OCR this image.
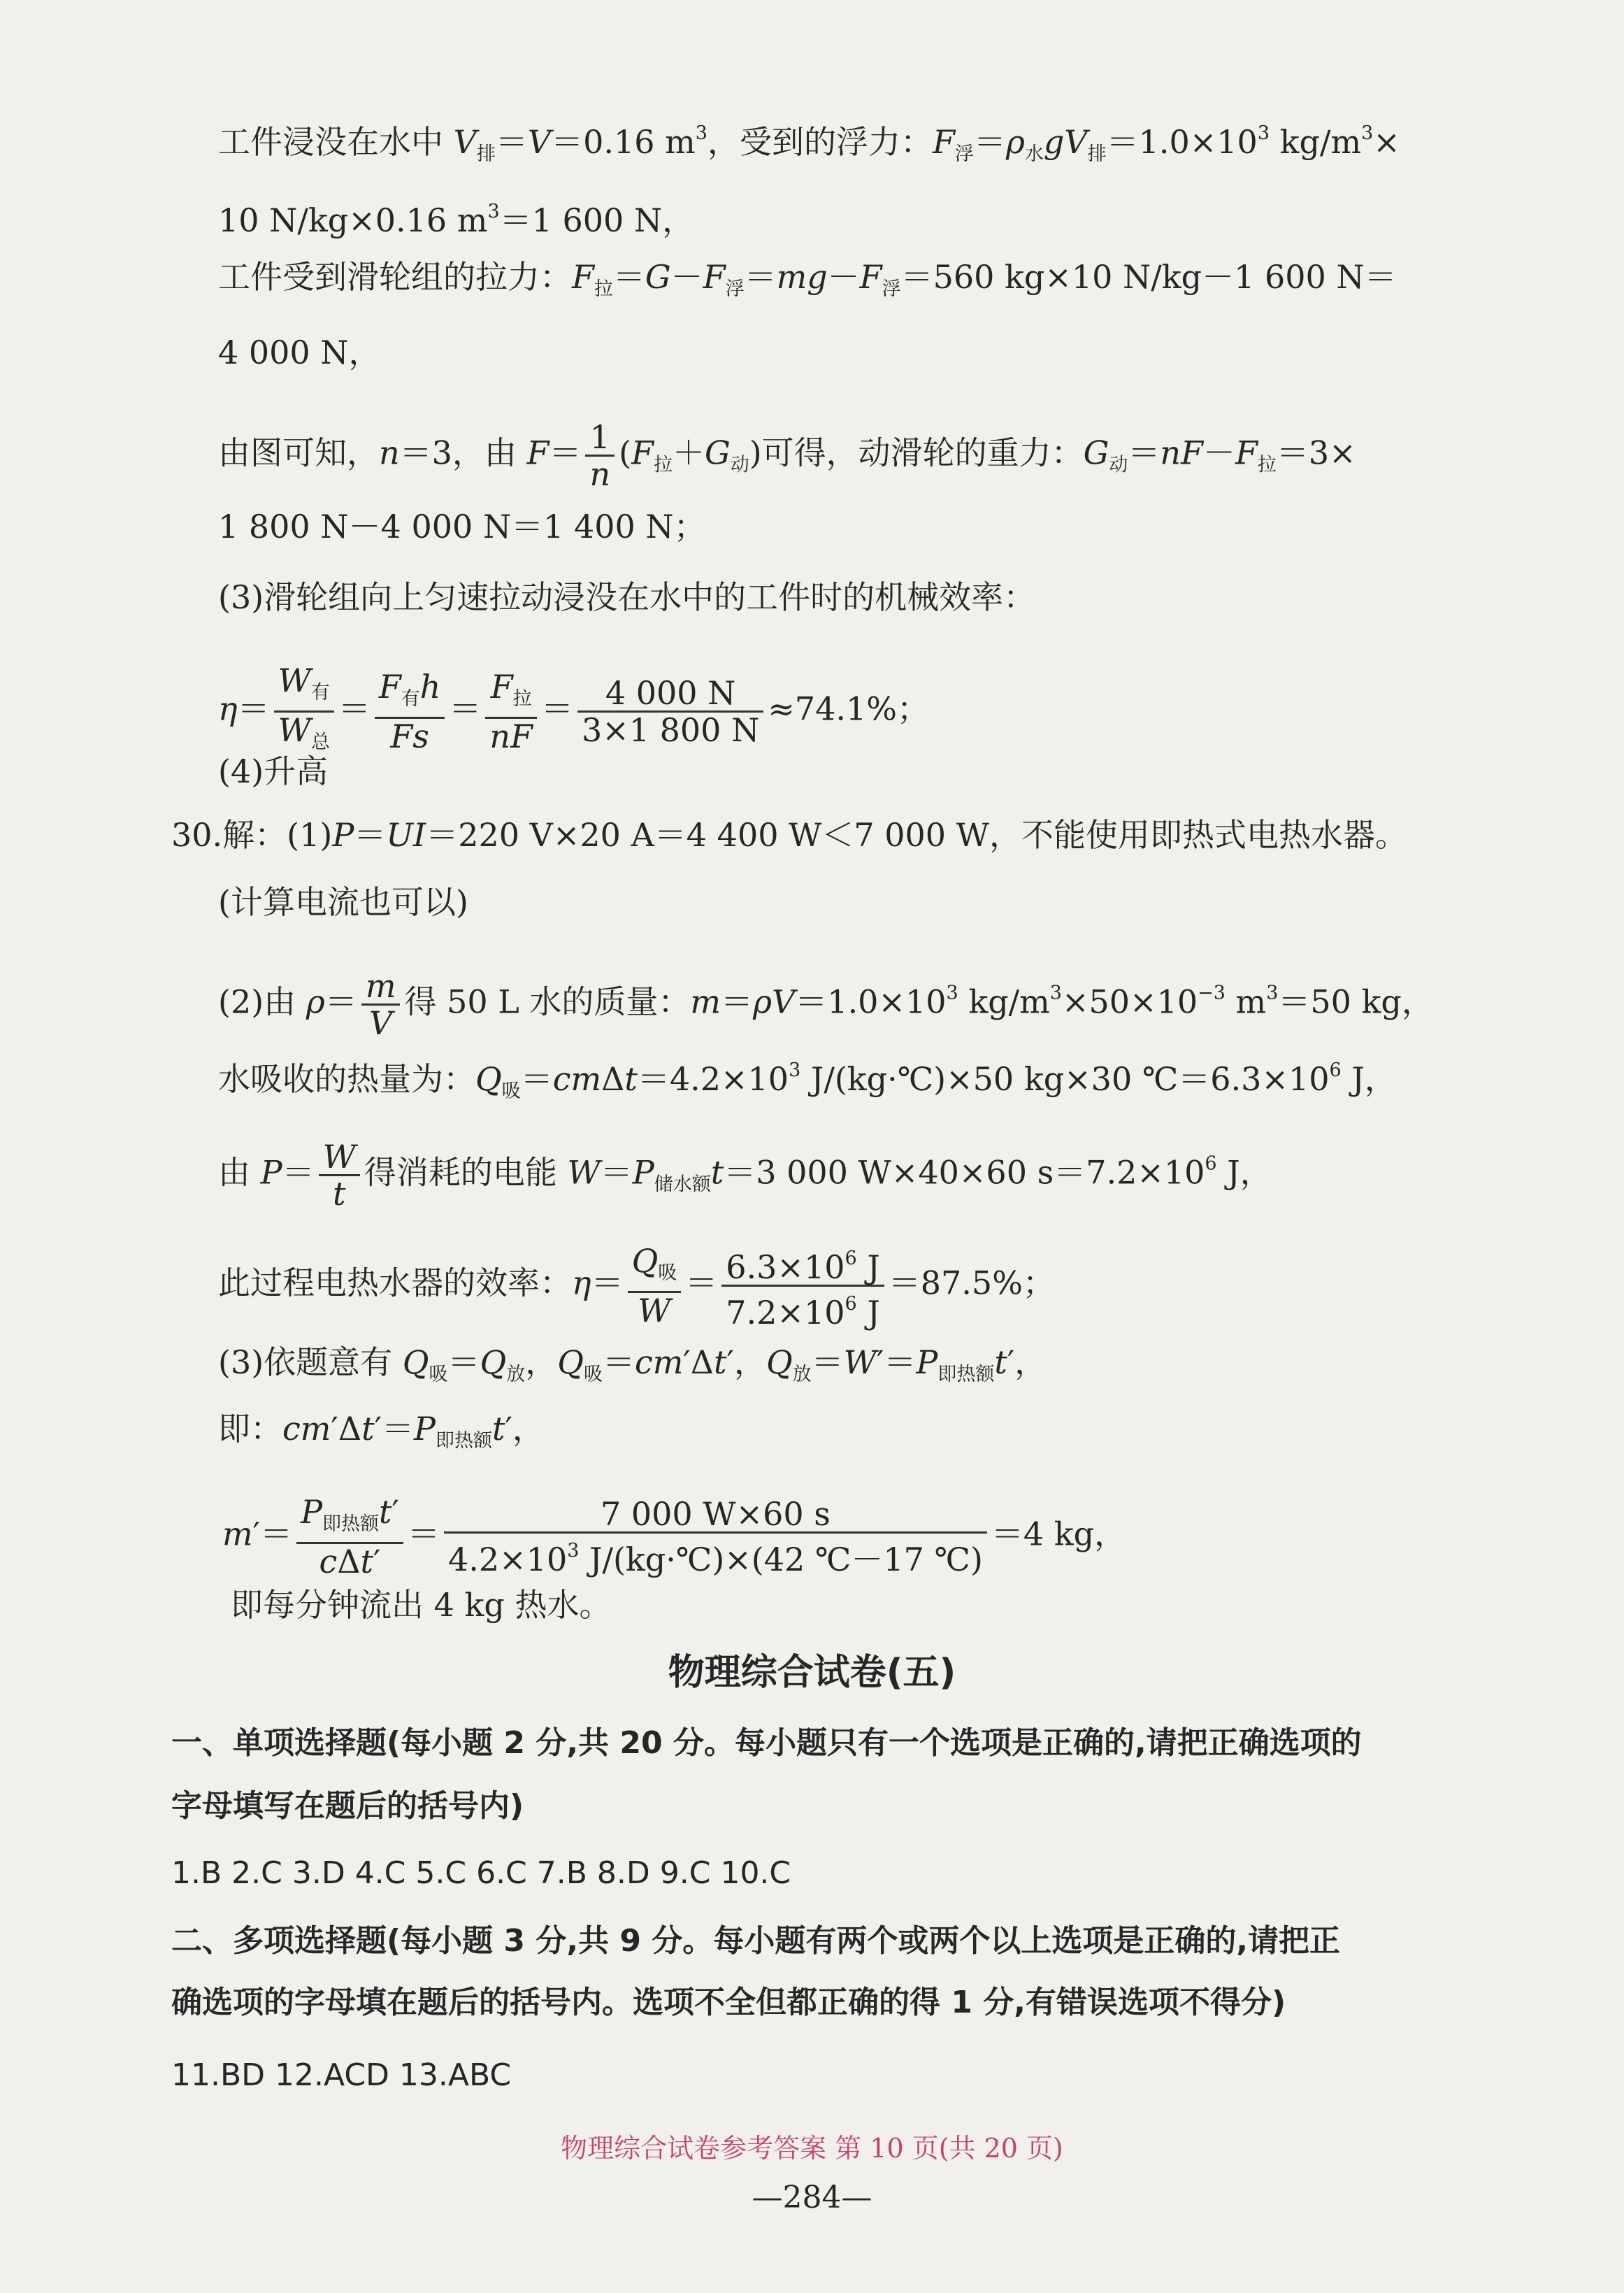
工件浸没在水中 $V_排=V=0.16$ $m^3$，受到的浮力：$F_浮=\rho_水gV_排=1.0\times 10^3$ $kg/m^3\times$
10 N/kg×0.16 $m^3=1$ 600 N，
工件受到滑轮组的拉力：$F_拉=G-F_浮=mg-F_浮=560$ kg×10 N/kg－1 600 N＝
4 000 N，
由图可知，n＝3，由 $F= \frac{1}{n} (F_拉+G_动)$可得，动滑轮的重力：$G_动=nF-F_拉=3\times$
1 800 N－4 000 N＝1 400 N；
(3)滑轮组向上匀速拉动浸没在水中的工件时的机械效率：
$\eta= \frac{W_有}{W_总} = \frac{F_有h}{Fs} = \frac{F_拉}{nF} = \frac{4 000 N}{3\times 1 800 N} \approx 74.1\%$；
(4)升高
30.解：(1)P＝UI＝220 V×20 A＝4 400 W＜7 000 W，不能使用即热式电热水器。
(计算电流也可以)
(2)由 $\rho= \frac{m}{V}$ 得 50 L 水的质量：$m=\rho V=1.0\times 10^3$ $kg/m^3\times 50\times 10^{-3}$ $m^3=50$ kg，
水吸收的热量为：$Q_吸=cm\Delta t=4.2\times 10^3$ J/(kg·℃)×50 kg×30 $℃=6.3\times 10^6$ J，
由 $P= \frac{W}{t}$ 得消耗的电能 $W=P_{储水额}t=3$ 000 W×40×60 $s=7.2\times 10^6$ J，
此过程电热水器的效率：$\eta= \frac{Q_吸}{W} = \frac{6.3\times 10^6 J}{7.2\times 10^6 J} =87.5\%$；
(3)依题意有 $Q_吸=Q_放$，$Q_吸=cm'\Delta t'$，$Q_放=W'=P_{即热额}t'$，
即：$cm'\Delta t'=P_{即热额}t'$，
$m'= \frac{P_{即热额}t'}{\text{cΔt′}} = \frac{7 000 W\times 60 s}{4.2\times 10^3 J/(kg\cdot℃)\times(42 ℃-17 ℃)} =4$ kg，
即每分钟流出 4 kg 热水。
物理综合试卷(五)
一、单项选择题(每小题 2 分,共 20 分。每小题只有一个选项是正确的,请把正确选项的
字母填写在题后的括号内)
1.B 2.C 3.D 4.C 5.C 6.C 7.B 8.D 9.C 10.C
二、多项选择题(每小题 3 分,共 9 分。每小题有两个或两个以上选项是正确的,请把正
确选项的字母填在题后的括号内。选项不全但都正确的得 1 分,有错误选项不得分)
11.BD 12.ACD 13.ABC
物理综合试卷参考答案 第 10 页(共 20 页)
—284—
